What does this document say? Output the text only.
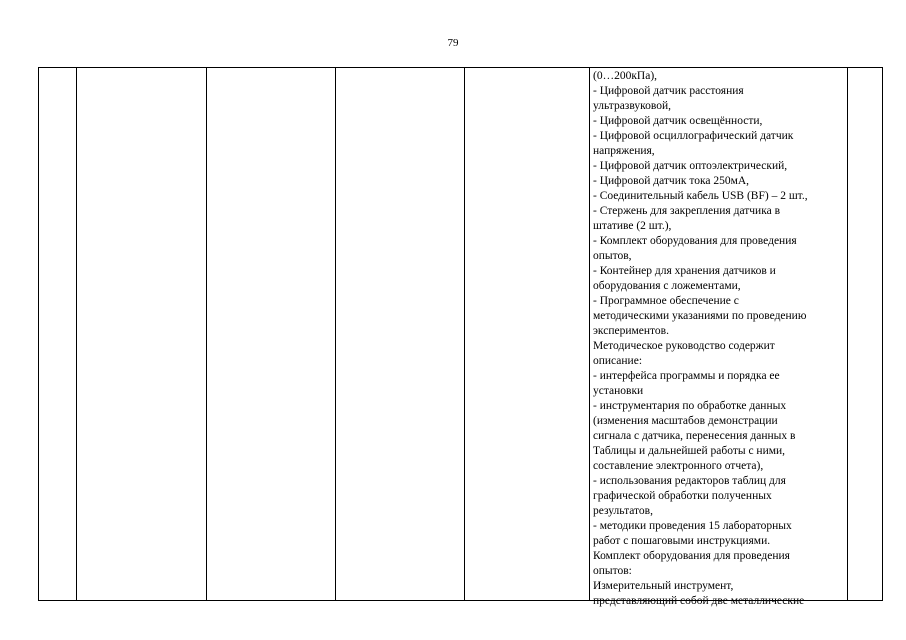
79
(0…200кПа),
- Цифровой датчик расстояния
ультразвуковой,
- Цифровой датчик освещённости,
- Цифровой осциллографический датчик
напряжения,
- Цифровой датчик оптоэлектрический,
- Цифровой датчик тока 250мА,
- Соединительный кабель USB (BF) – 2 шт.,
- Стержень для закрепления датчика в
штативе (2 шт.),
- Комплект оборудования для проведения
опытов,
- Контейнер для хранения датчиков и
оборудования с ложементами,
- Программное обеспечение с
методическими указаниями по проведению
экспериментов.
Методическое руководство содержит
описание:
- интерфейса программы и порядка ее
установки
- инструментария по обработке данных
(изменения масштабов демонстрации
сигнала с датчика, перенесения данных в
Таблицы и дальнейшей работы с ними,
составление электронного отчета),
- использования редакторов таблиц для
графической обработки полученных
результатов,
- методики проведения 15 лабораторных
работ с пошаговыми инструкциями.
Комплект оборудования для проведения
опытов:
Измерительный инструмент,
представляющий собой две металлические
